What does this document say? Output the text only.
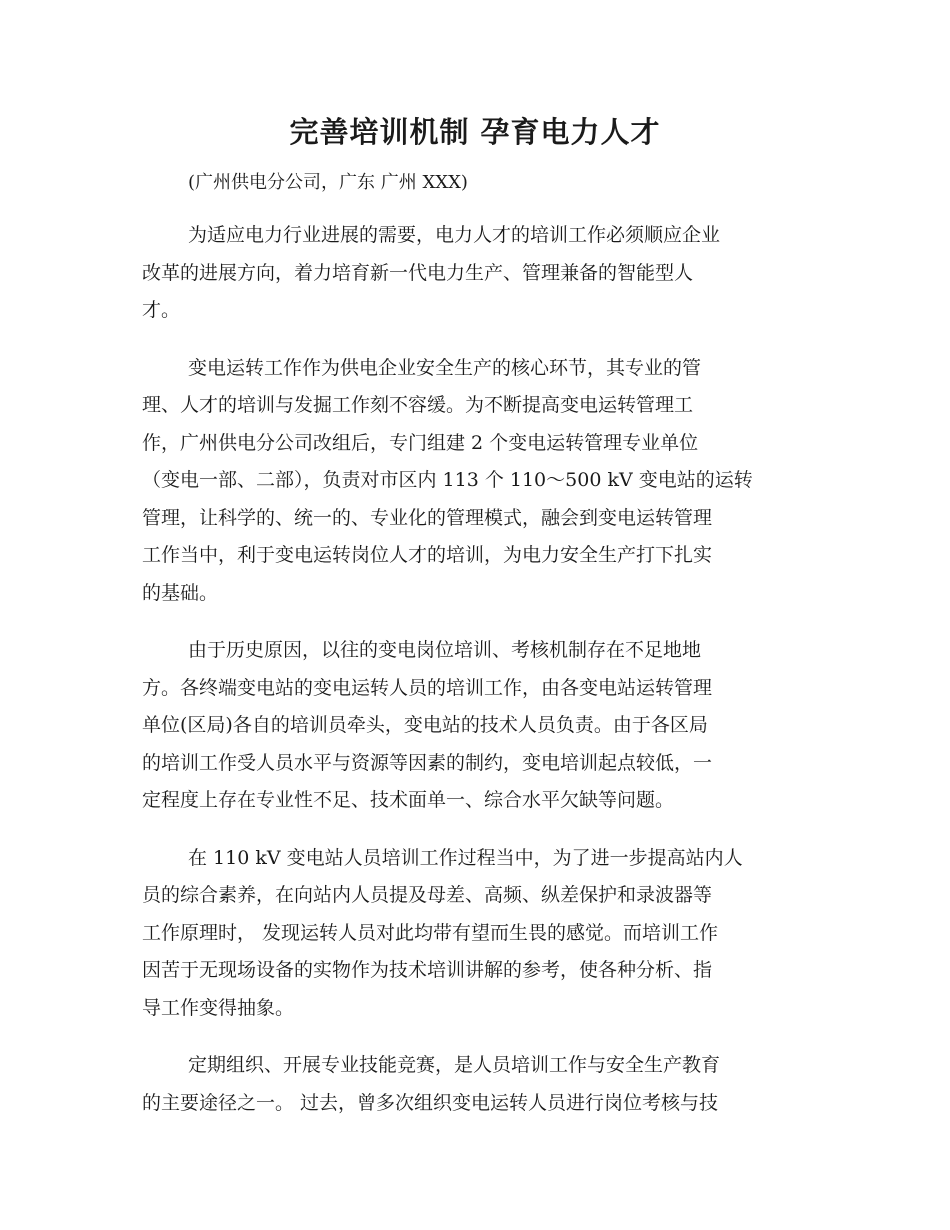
完善培训机制 孕育电力人才
(广州供电分公司，广东 广州 XXX)
为适应电力行业进展的需要，电力人才的培训工作必须顺应企业
改革的进展方向，着力培育新一代电力生产、管理兼备的智能型人
才。
变电运转工作作为供电企业安全生产的核心环节，其专业的管
理、人才的培训与发掘工作刻不容缓。为不断提高变电运转管理工
作，广州供电分公司改组后，专门组建 2 个变电运转管理专业单位
（变电一部、二部），负责对市区内 113 个 110～500 kV 变电站的运转
管理，让科学的、统一的、专业化的管理模式，融会到变电运转管理
工作当中，利于变电运转岗位人才的培训，为电力安全生产打下扎实
的基础。
由于历史原因，以往的变电岗位培训、考核机制存在不足地地
方。各终端变电站的变电运转人员的培训工作，由各变电站运转管理
单位(区局)各自的培训员牵头，变电站的技术人员负责。由于各区局
的培训工作受人员水平与资源等因素的制约，变电培训起点较低，一
定程度上存在专业性不足、技术面单一、综合水平欠缺等问题。
在 110 kV 变电站人员培训工作过程当中，为了进一步提高站内人
员的综合素养，在向站内人员提及母差、高频、纵差保护和录波器等
工作原理时， 发现运转人员对此均带有望而生畏的感觉。而培训工作
因苦于无现场设备的实物作为技术培训讲解的参考，使各种分析、指
导工作变得抽象。
定期组织、开展专业技能竞赛，是人员培训工作与安全生产教育
的主要途径之一。 过去，曾多次组织变电运转人员进行岗位考核与技
